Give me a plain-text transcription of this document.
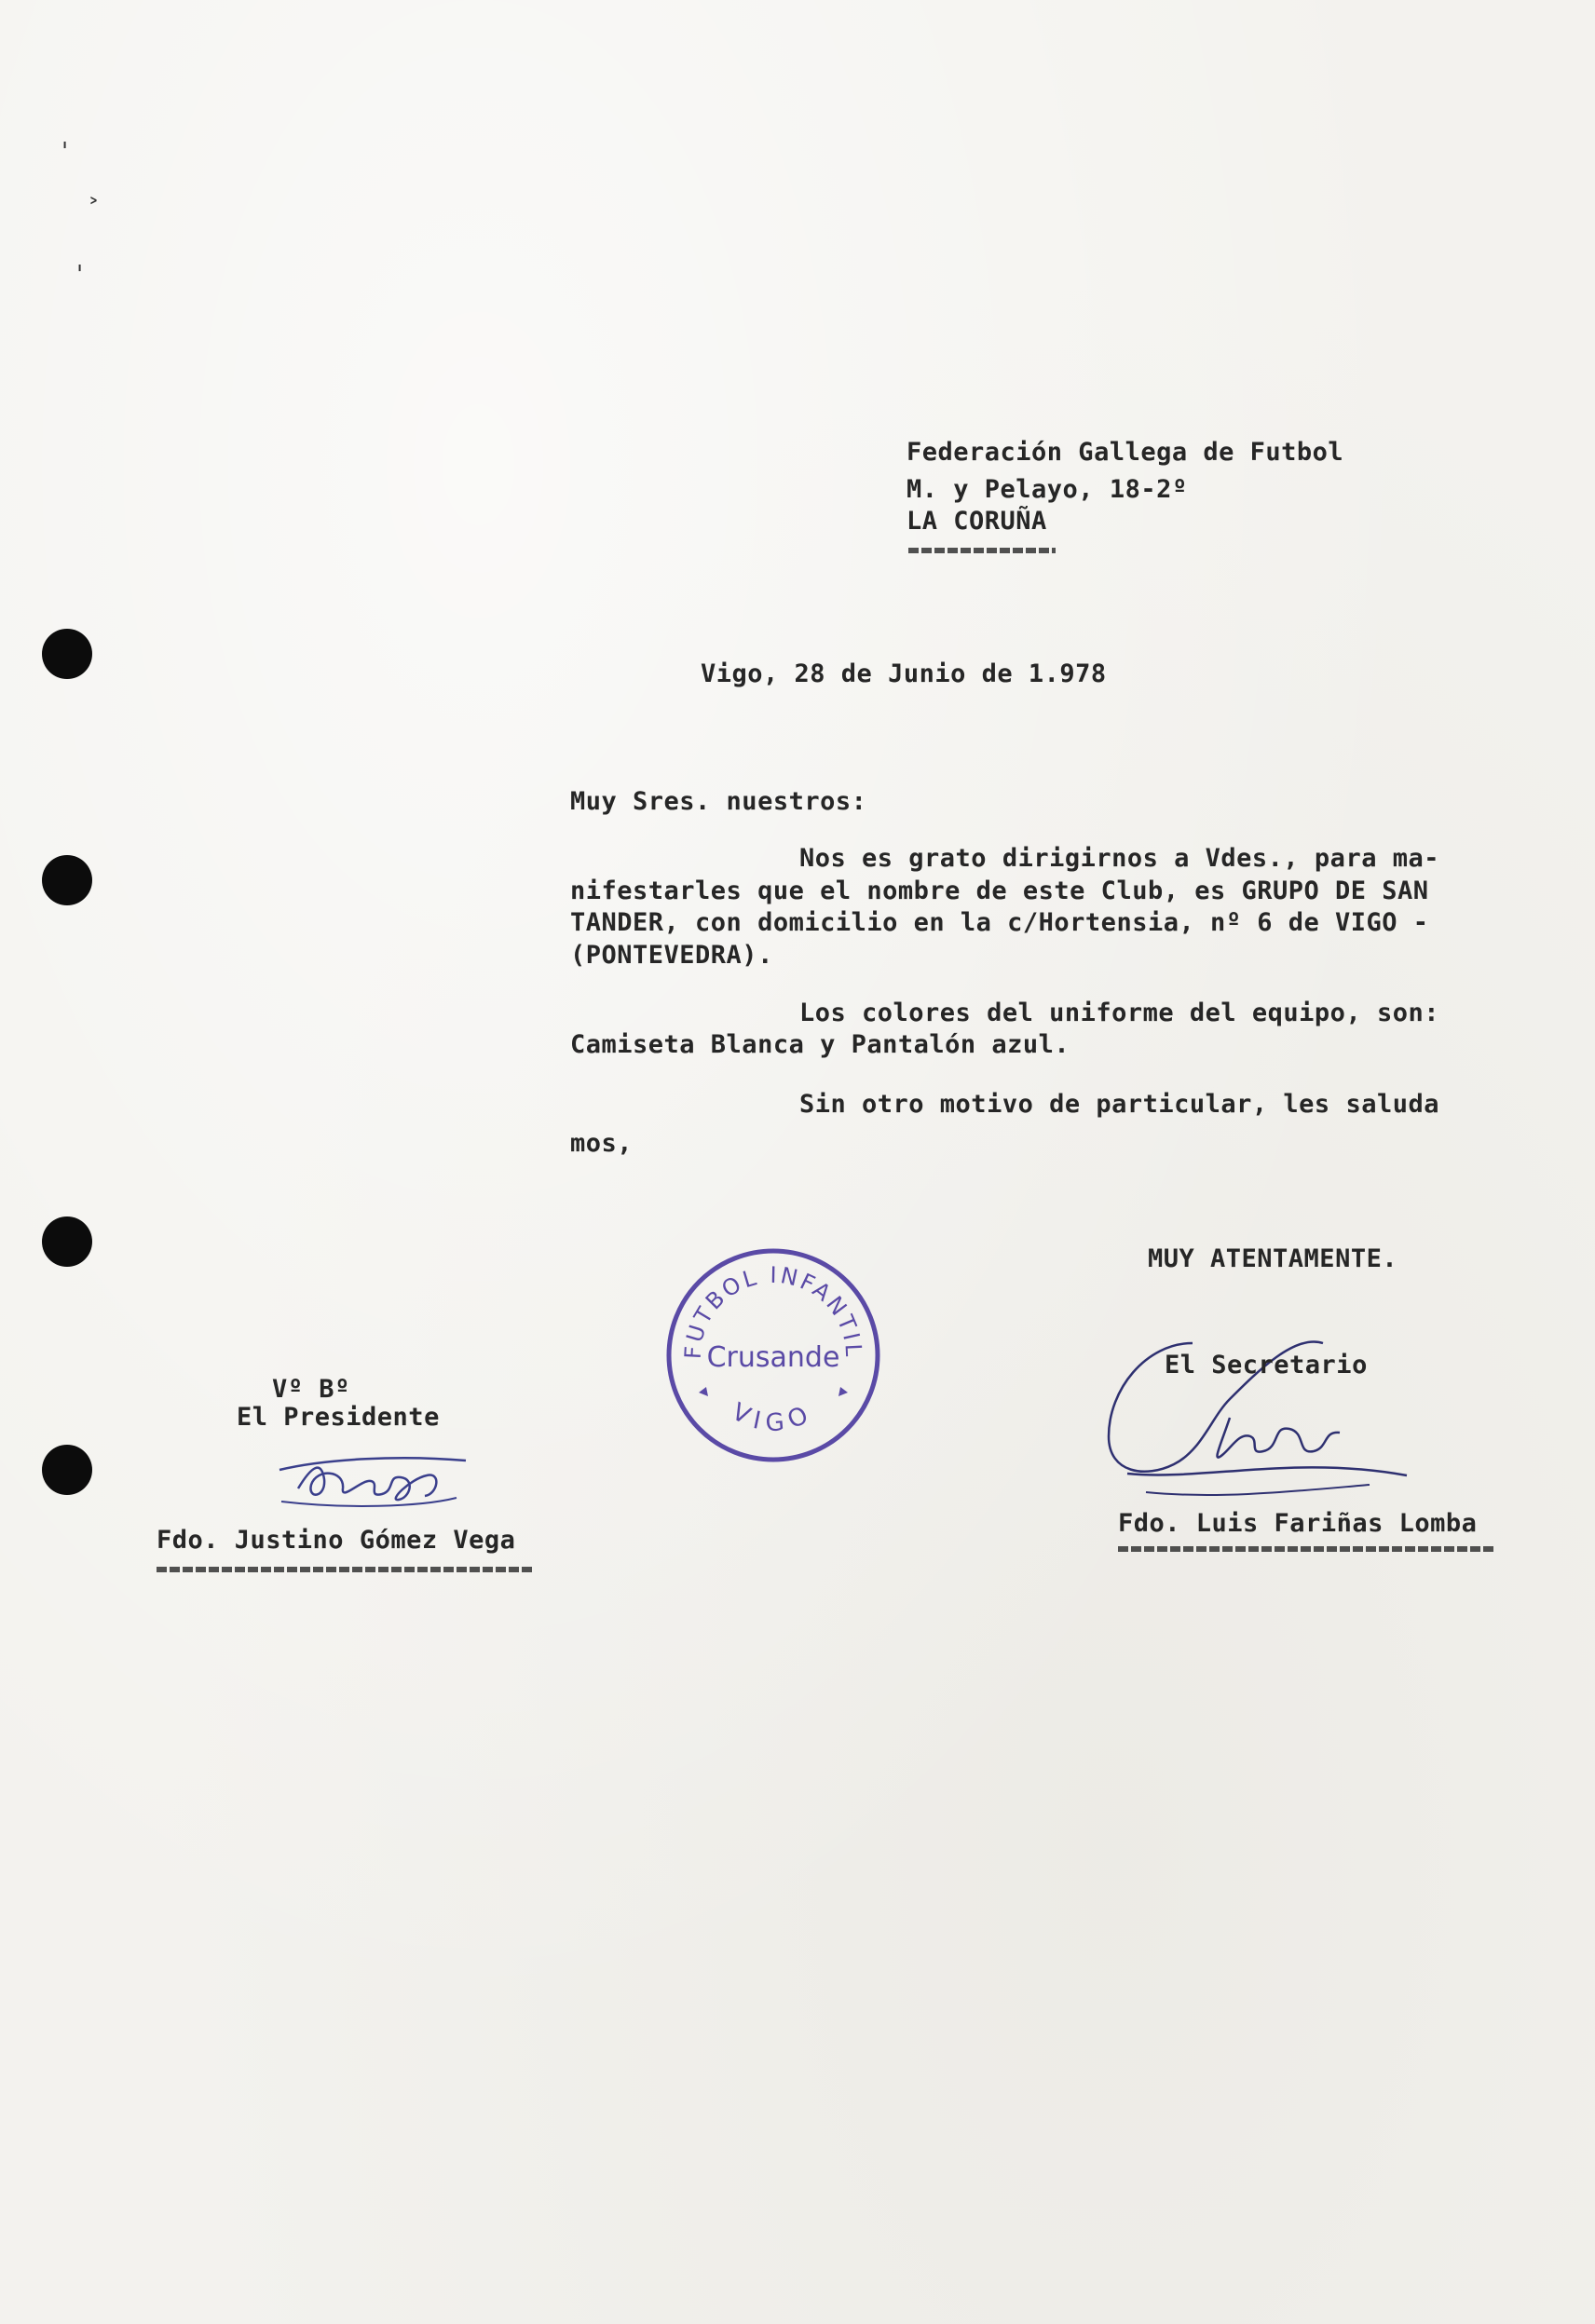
'
˃
'
Federación Gallega de Futbol
M. y Pelayo, 18-2º
LA CORUÑA
Vigo, 28 de Junio de 1.978
Muy Sres. nuestros:
Nos es grato dirigirnos a Vdes., para ma-
nifestarles que el nombre de este Club, es GRUPO DE SAN
TANDER, con domicilio en la c/Hortensia, nº 6 de VIGO -
(PONTEVEDRA).
Los colores del uniforme del equipo, son:
Camiseta Blanca y Pantalón azul.
Sin otro motivo de particular, les saluda
mos,
MUY ATENTAMENTE.
Vº Bº
El Presidente
Fdo. Justino Gómez Vega
FUTBOL INFANTIL
Crusande
VIGO
El Secretario
Fdo. Luis Fariñas Lomba
